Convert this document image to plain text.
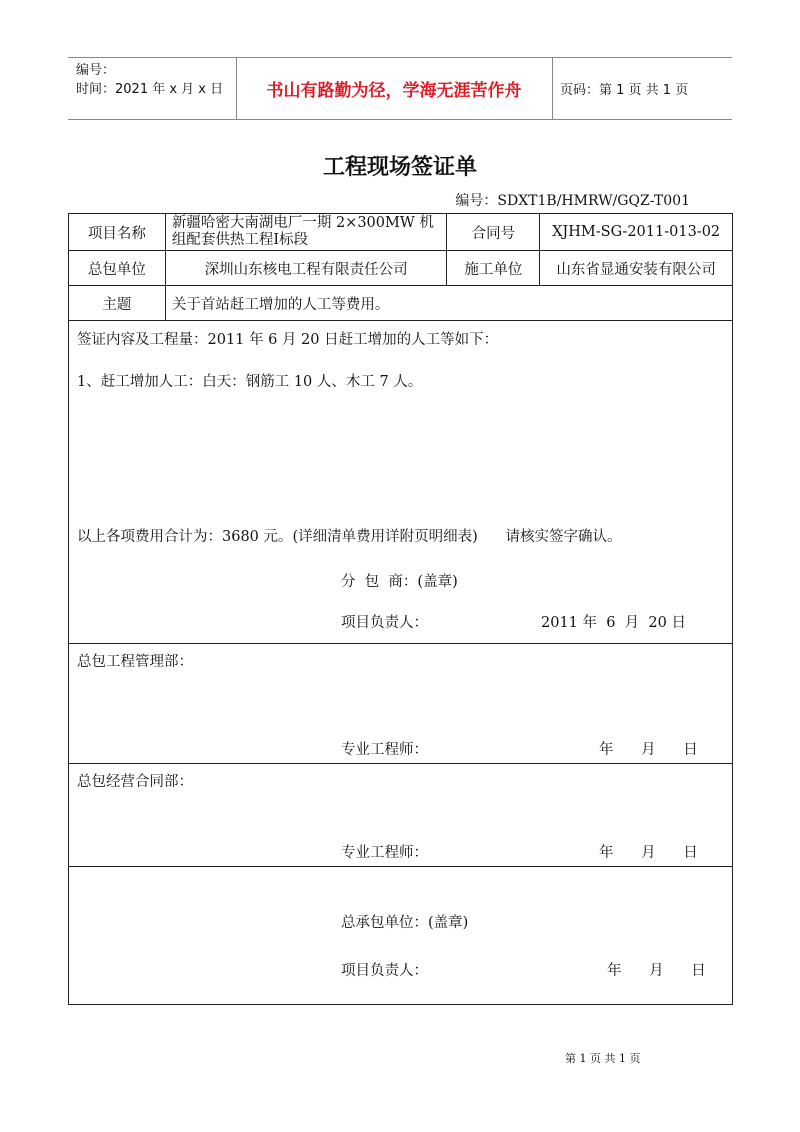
编号：
时间：2021 年 x 月 x 日	书山有路勤为径，学海无涯苦作舟	页码：第 1 页 共 1 页
工程现场签证单
编号：SDXT1B/HMRW/GQZ-T001
项目名称	新疆哈密大南湖电厂一期 2×300MW 机
组配套供热工程Ⅰ标段	合同号	XJHM-SG-2011-013-02
总包单位	深圳山东核电工程有限责任公司	施工单位	山东省显通安装有限公司
主题	关于首站赶工增加的人工等费用。		
签证内容及工程量：2011 年 6 月 20 日赶工增加的人工等如下：
1、赶工增加人工：白天：钢筋工 10 人、木工 7 人。
以上各项费用合计为：3680 元。(详细清单费用详附页明细表)      请核实签字确认。
分  包  商：(盖章)
项目负责人：	2011 年  6  月  20 日
总包工程管理部：
专业工程师：	年      月      日
总包经营合同部：
专业工程师：	年      月      日
总承包单位：(盖章)
项目负责人：	年      月      日
第 1 页 共 1 页
